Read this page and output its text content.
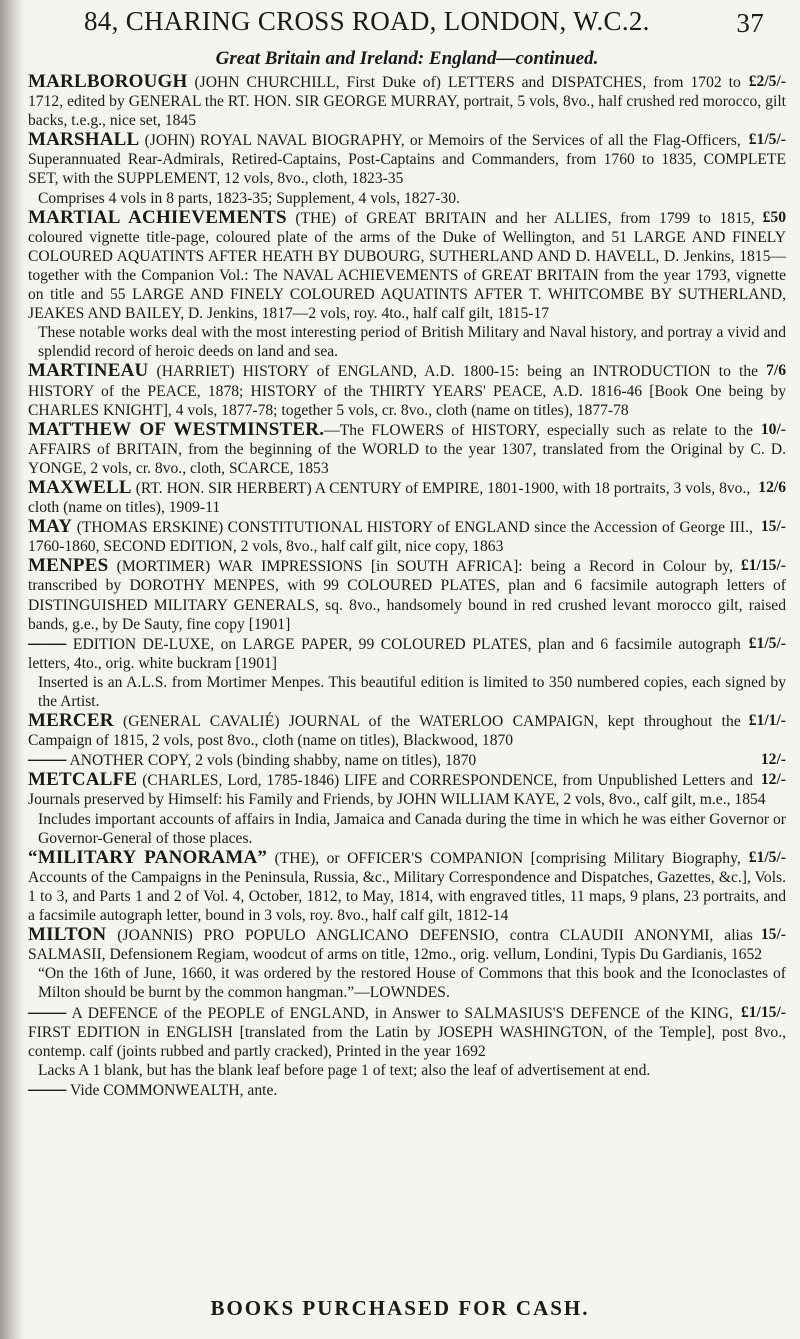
84, CHARING CROSS ROAD, LONDON, W.C.2.	37
Great Britain and Ireland: England—continued.

£2/5/-
MARLBOROUGH (JOHN CHURCHILL, First Duke of) LETTERS and DISPATCHES, from 1702 to 1712, edited by GENERAL the RT. HON. SIR GEORGE MURRAY, portrait, 5 vols, 8vo., half crushed red morocco, gilt backs, t.e.g., nice set, 1845

£1/5/-
MARSHALL (JOHN) ROYAL NAVAL BIOGRAPHY, or Memoirs of the Services of all the Flag-Officers, Superannuated Rear-Admirals, Retired-Captains, Post-Captains and Commanders, from 1760 to 1835, COMPLETE SET, with the SUPPLEMENT, 12 vols, 8vo., cloth, 1823-35

Comprises 4 vols in 8 parts, 1823-35; Supplement, 4 vols, 1827-30.

£50
MARTIAL ACHIEVEMENTS (THE) of GREAT BRITAIN and her ALLIES, from 1799 to 1815, coloured vignette title-page, coloured plate of the arms of the Duke of Wellington, and 51 LARGE AND FINELY COLOURED AQUATINTS AFTER HEATH BY DUBOURG, SUTHERLAND AND D. HAVELL, D. Jenkins, 1815—together with the Companion Vol.: The NAVAL ACHIEVEMENTS of GREAT BRITAIN from the year 1793, vignette on title and 55 LARGE AND FINELY COLOURED AQUATINTS AFTER T. WHITCOMBE BY SUTHERLAND, JEAKES AND BAILEY, D. Jenkins, 1817—2 vols, roy. 4to., half calf gilt, 1815-17

These notable works deal with the most interesting period of British Military and Naval history, and portray a vivid and splendid record of heroic deeds on land and sea.

7/6
MARTINEAU (HARRIET) HISTORY of ENGLAND, A.D. 1800-15: being an INTRODUCTION to the HISTORY of the PEACE, 1878; HISTORY of the THIRTY YEARS' PEACE, A.D. 1816-46 [Book One being by CHARLES KNIGHT], 4 vols, 1877-78; together 5 vols, cr. 8vo., cloth (name on titles), 1877-78

10/-
MATTHEW OF WESTMINSTER.—The FLOWERS of HISTORY, especially such as relate to the AFFAIRS of BRITAIN, from the beginning of the WORLD to the year 1307, translated from the Original by C. D. YONGE, 2 vols, cr. 8vo., cloth, SCARCE, 1853

12/6
MAXWELL (RT. HON. SIR HERBERT) A CENTURY of EMPIRE, 1801-1900, with 18 portraits, 3 vols, 8vo., cloth (name on titles), 1909-11

15/-
MAY (THOMAS ERSKINE) CONSTITUTIONAL HISTORY of ENGLAND since the Accession of George III., 1760-1860, SECOND EDITION, 2 vols, 8vo., half calf gilt, nice copy, 1863

£1/15/-
MENPES (MORTIMER) WAR IMPRESSIONS [in SOUTH AFRICA]: being a Record in Colour by, transcribed by DOROTHY MENPES, with 99 COLOURED PLATES, plan and 6 facsimile autograph letters of DISTINGUISHED MILITARY GENERALS, sq. 8vo., handsomely bound in red crushed levant morocco gilt, raised bands, g.e., by De Sauty, fine copy [1901]

£1/5/-
—— EDITION DE-LUXE, on LARGE PAPER, 99 COLOURED PLATES, plan and 6 facsimile autograph letters, 4to., orig. white buckram [1901]

Inserted is an A.L.S. from Mortimer Menpes. This beautiful edition is limited to 350 numbered copies, each signed by the Artist.

£1/1/-
MERCER (GENERAL CAVALIÉ) JOURNAL of the WATERLOO CAMPAIGN, kept throughout the Campaign of 1815, 2 vols, post 8vo., cloth (name on titles), Blackwood, 1870

12/-
—— ANOTHER COPY, 2 vols (binding shabby, name on titles), 1870

12/-
METCALFE (CHARLES, Lord, 1785-1846) LIFE and CORRESPONDENCE, from Unpublished Letters and Journals preserved by Himself: his Family and Friends, by JOHN WILLIAM KAYE, 2 vols, 8vo., calf gilt, m.e., 1854

Includes important accounts of affairs in India, Jamaica and Canada during the time in which he was either Governor or Governor-General of those places.

£1/5/-
“MILITARY PANORAMA” (THE), or OFFICER'S COMPANION [comprising Military Biography, Accounts of the Campaigns in the Peninsula, Russia, &c., Military Correspondence and Dispatches, Gazettes, &c.], Vols. 1 to 3, and Parts 1 and 2 of Vol. 4, October, 1812, to May, 1814, with engraved titles, 11 maps, 9 plans, 23 portraits, and a facsimile autograph letter, bound in 3 vols, roy. 8vo., half calf gilt, 1812-14

15/-
MILTON (JOANNIS) PRO POPULO ANGLICANO DEFENSIO, contra CLAUDII ANONYMI, alias SALMASII, Defensionem Regiam, woodcut of arms on title, 12mo., orig. vellum, Londini, Typis Du Gardianis, 1652

“On the 16th of June, 1660, it was ordered by the restored House of Commons that this book and the Iconoclastes of Milton should be burnt by the common hangman.”—LOWNDES.

£1/15/-
—— A DEFENCE of the PEOPLE of ENGLAND, in Answer to SALMASIUS'S DEFENCE of the KING, FIRST EDITION in ENGLISH [translated from the Latin by JOSEPH WASHINGTON, of the Temple], post 8vo., contemp. calf (joints rubbed and partly cracked), Printed in the year 1692

Lacks A 1 blank, but has the blank leaf before page 1 of text; also the leaf of advertisement at end.

—— Vide COMMONWEALTH, ante.

BOOKS PURCHASED FOR CASH.
